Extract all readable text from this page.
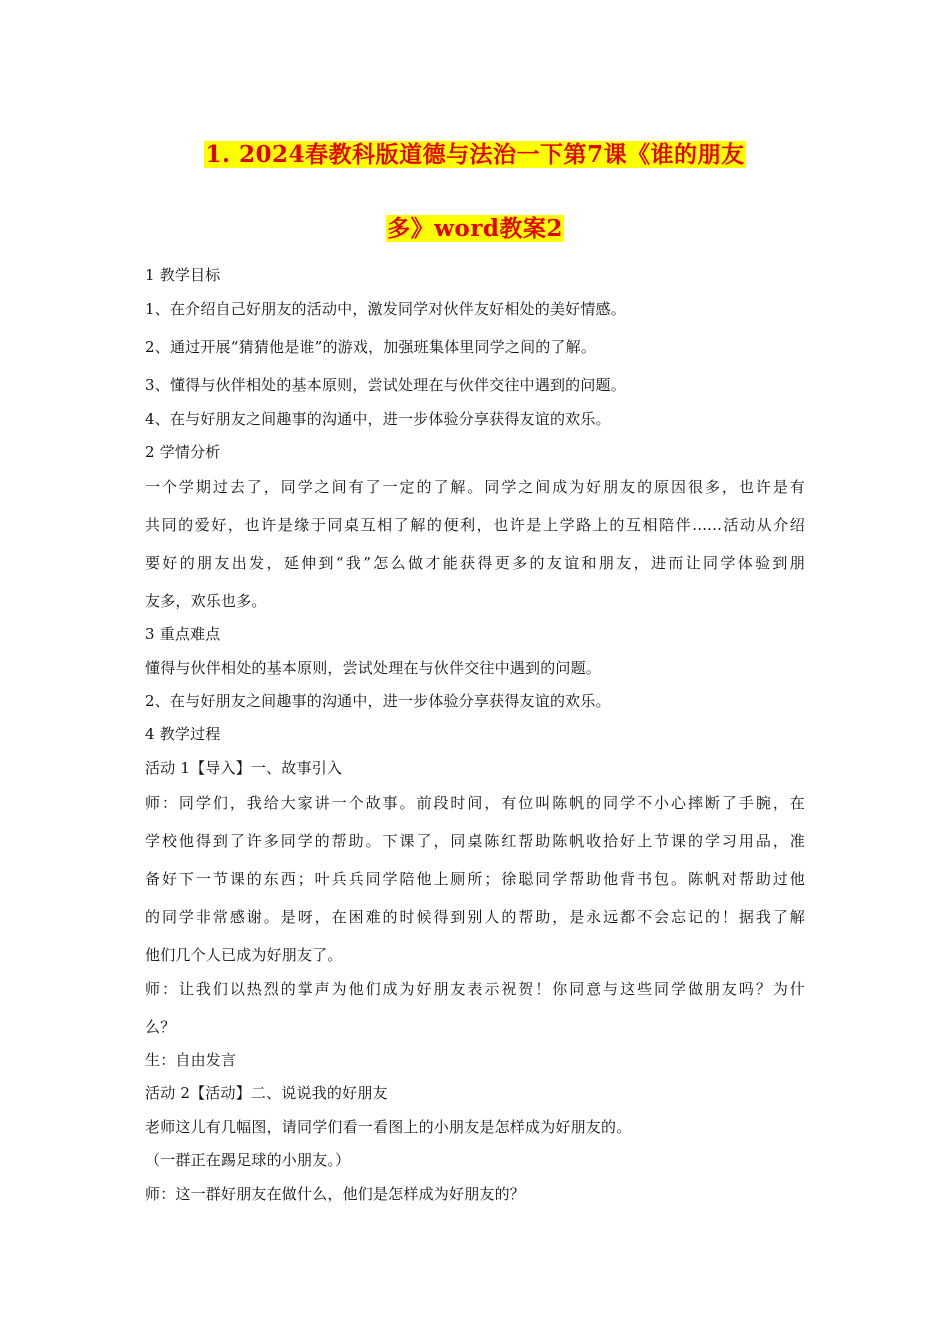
1. 2024春教科版道德与法治一下第7课《谁的朋友
多》word教案2
1 教学目标
1、在介绍自己好朋友的活动中，激发同学对伙伴友好相处的美好情感。
2、通过开展“猜猜他是谁”的游戏，加强班集体里同学之间的了解。
3、懂得与伙伴相处的基本原则，尝试处理在与伙伴交往中遇到的问题。
4、在与好朋友之间趣事的沟通中，进一步体验分享获得友谊的欢乐。
2 学情分析
一个学期过去了，同学之间有了一定的了解。同学之间成为好朋友的原因很多，也许是有
共同的爱好，也许是缘于同桌互相了解的便利，也许是上学路上的互相陪伴......活动从介绍
要好的朋友出发，延伸到“我”怎么做才能获得更多的友谊和朋友，进而让同学体验到朋
友多，欢乐也多。
3 重点难点
懂得与伙伴相处的基本原则，尝试处理在与伙伴交往中遇到的问题。
2、在与好朋友之间趣事的沟通中，进一步体验分享获得友谊的欢乐。
4 教学过程
活动 1【导入】一、故事引入
师：同学们，我给大家讲一个故事。前段时间，有位叫陈帆的同学不小心摔断了手腕，在
学校他得到了许多同学的帮助。下课了，同桌陈红帮助陈帆收拾好上节课的学习用品，准
备好下一节课的东西；叶兵兵同学陪他上厕所；徐聪同学帮助他背书包。陈帆对帮助过他
的同学非常感谢。是呀，在困难的时候得到别人的帮助，是永远都不会忘记的！据我了解
他们几个人已成为好朋友了。
师：让我们以热烈的掌声为他们成为好朋友表示祝贺！你同意与这些同学做朋友吗？为什
么？
生：自由发言
活动 2【活动】二、说说我的好朋友
老师这儿有几幅图，请同学们看一看图上的小朋友是怎样成为好朋友的。
（一群正在踢足球的小朋友。）
师：这一群好朋友在做什么，他们是怎样成为好朋友的？
